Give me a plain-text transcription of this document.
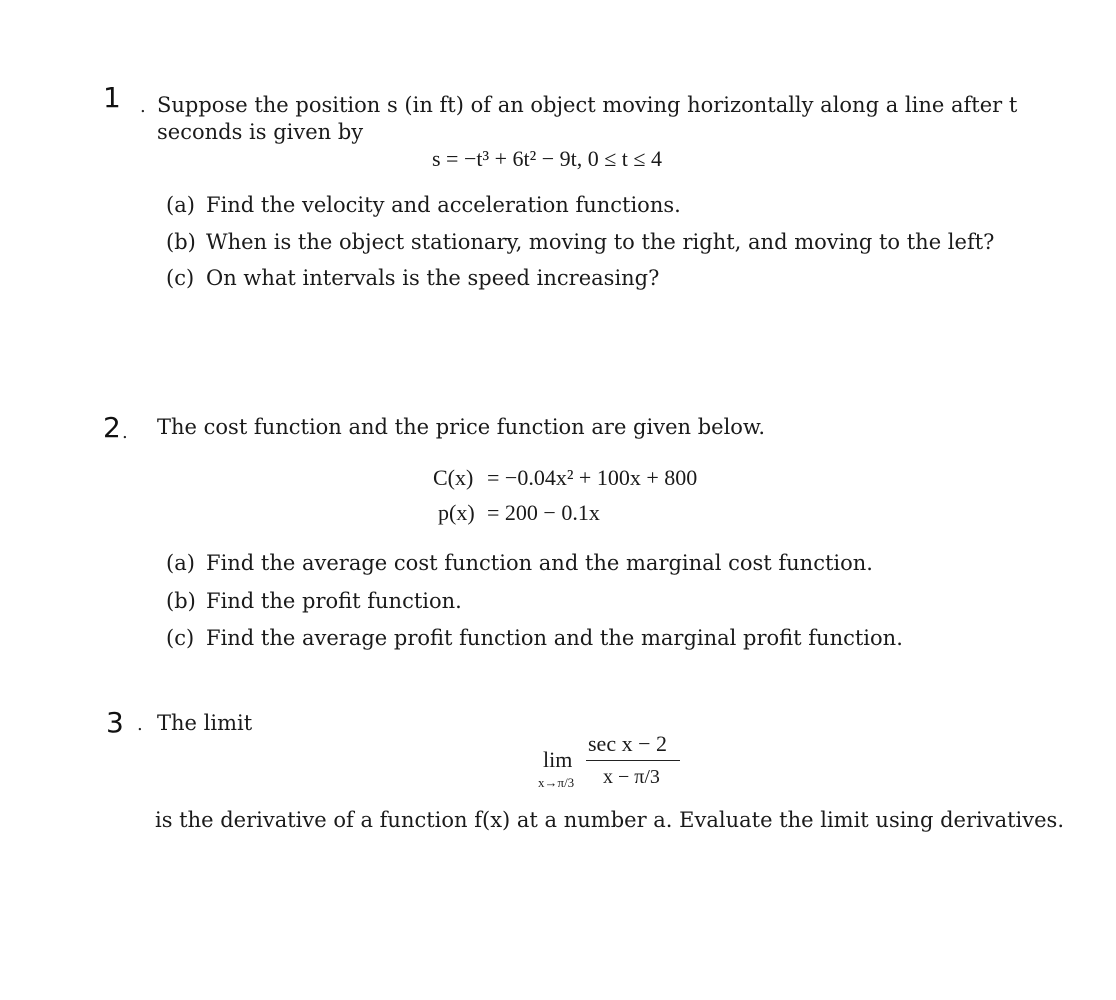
1 . Suppose the position s (in ft) of an object moving horizontally along a line after t
seconds is given by
s = −t³ + 6t² − 9t, 0 ≤ t ≤ 4
(a) Find the velocity and acceleration functions.
(b) When is the object stationary, moving to the right, and moving to the left?
(c) On what intervals is the speed increasing?
2 . The cost function and the price function are given below.
C(x) = −0.04x² + 100x + 800
p(x) = 200 − 0.1x
(a) Find the average cost function and the marginal cost function.
(b) Find the profit function.
(c) Find the average profit function and the marginal profit function.
3 . The limit
lim
x→π/3
sec x − 2
x − π/3
is the derivative of a function f(x) at a number a. Evaluate the limit using derivatives.
